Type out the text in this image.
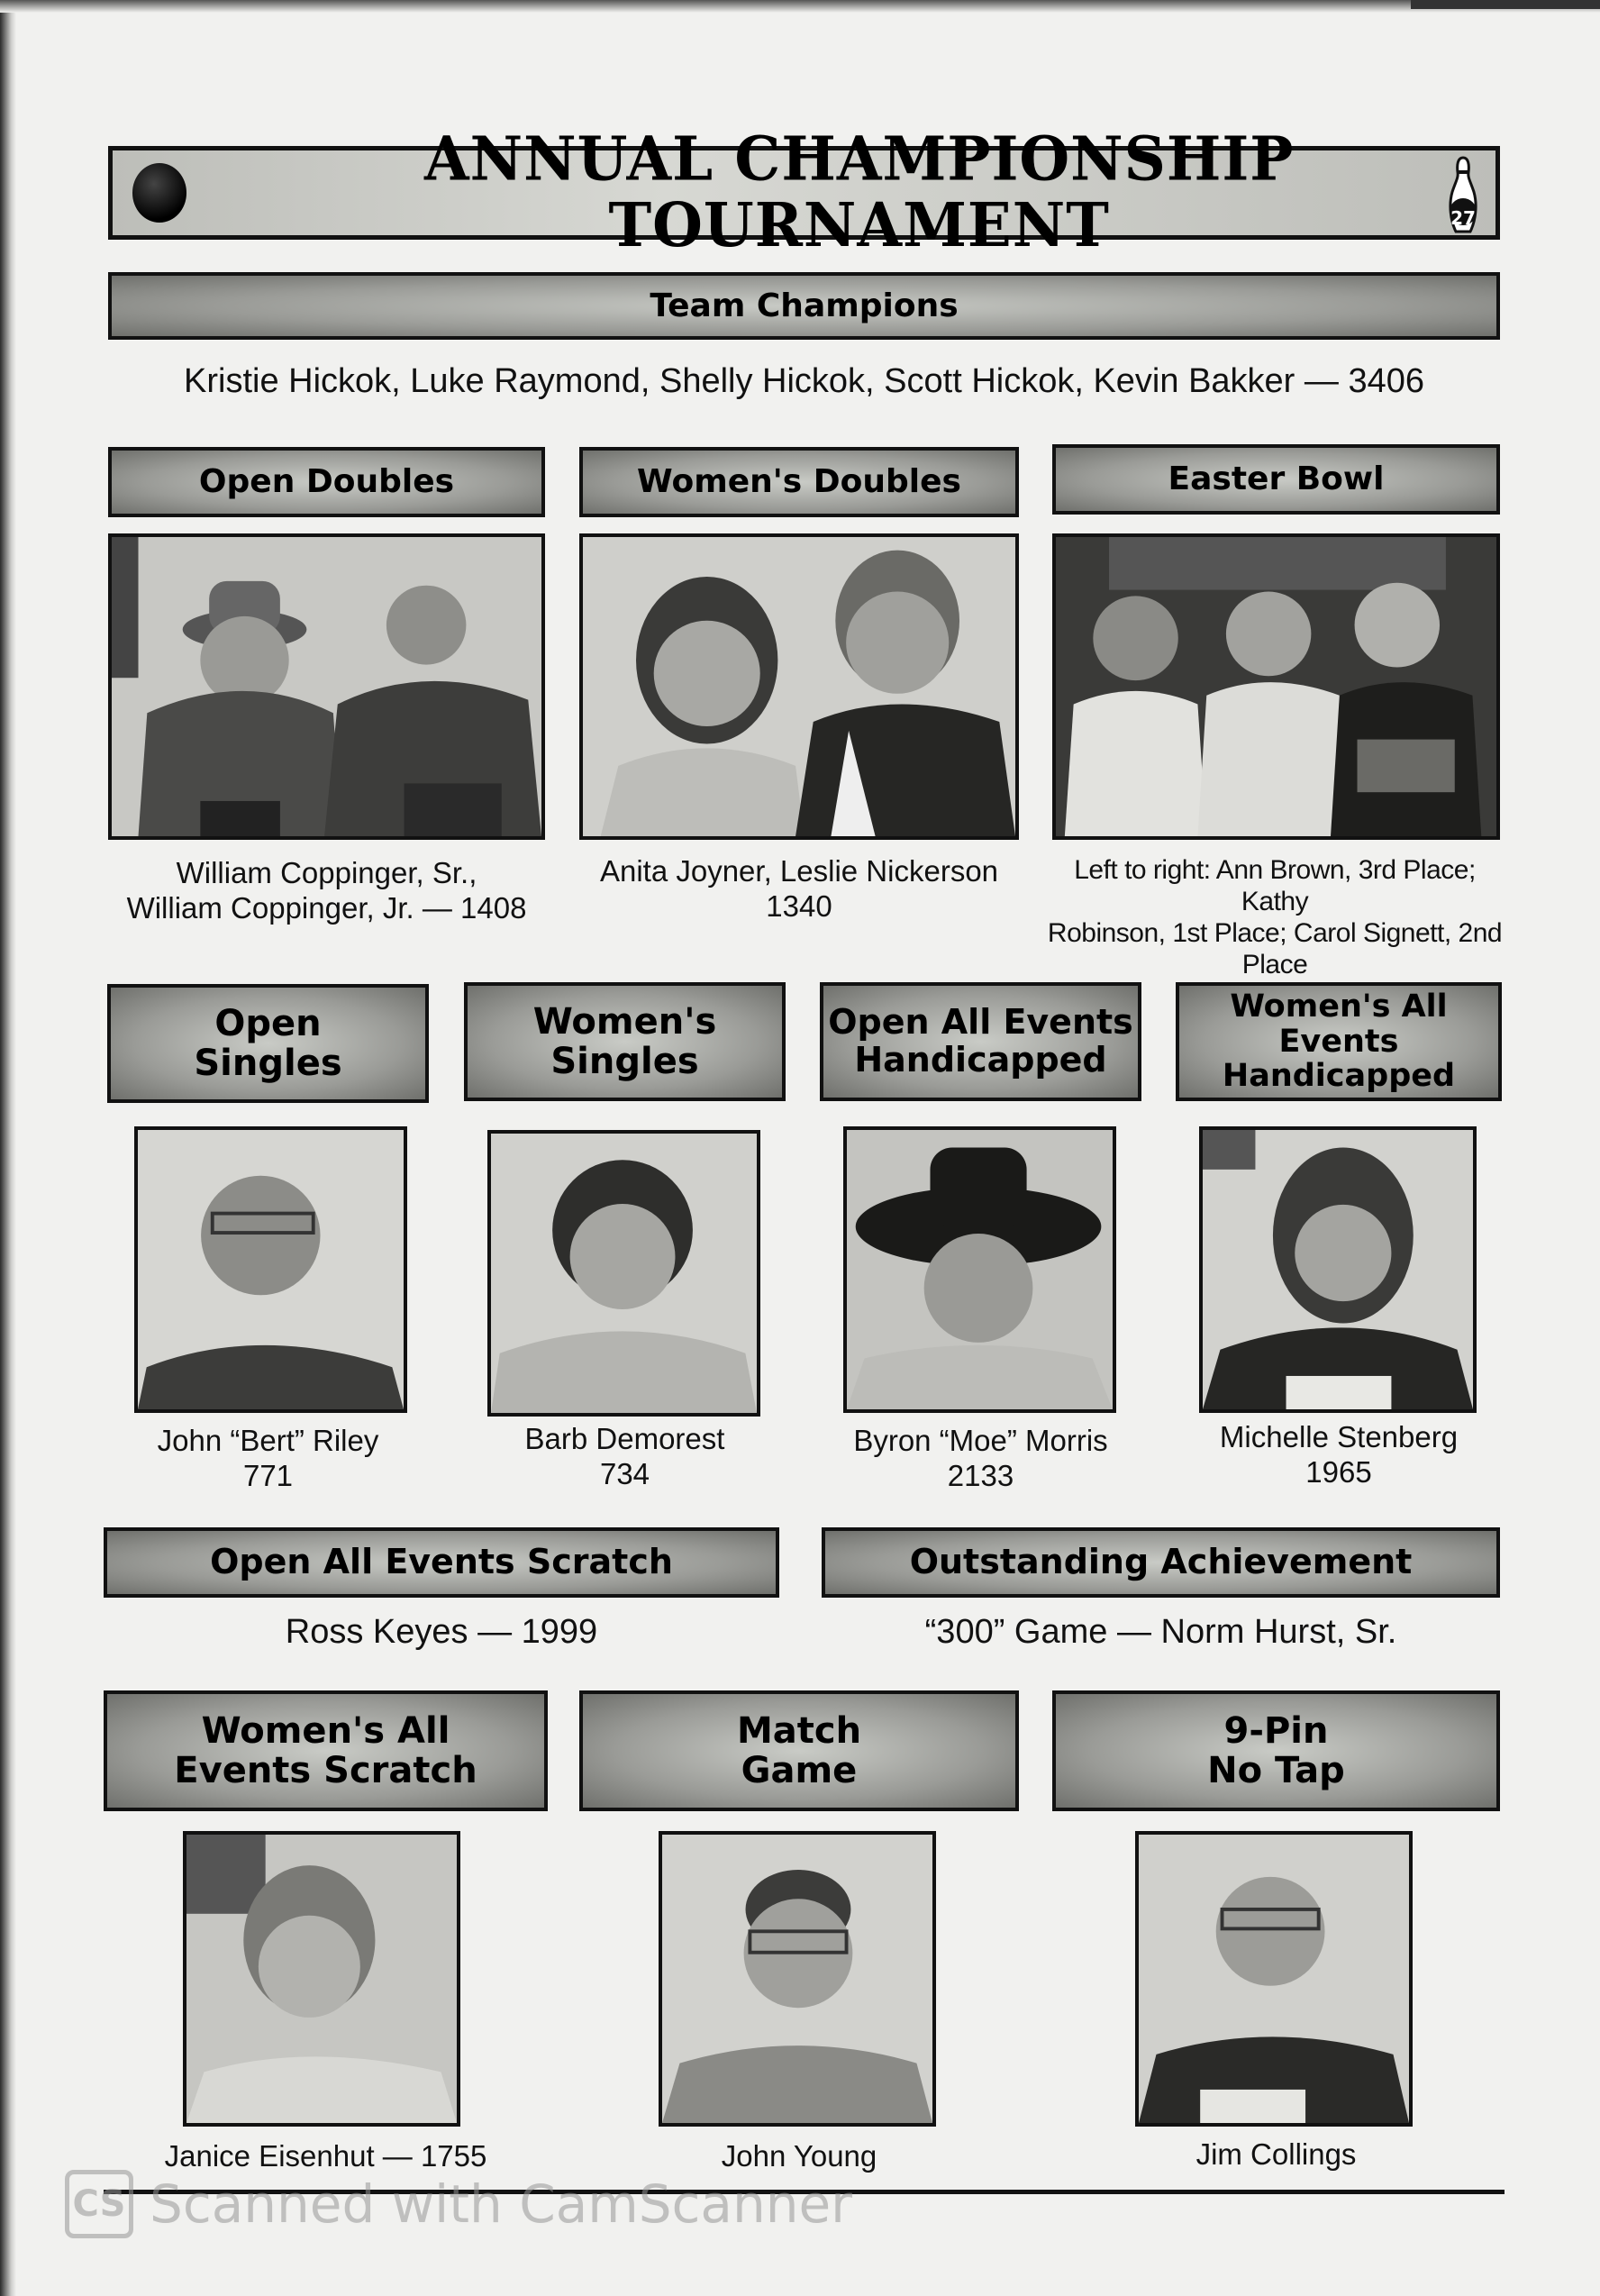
ANNUAL CHAMPIONSHIP TOURNAMENT	27
Team Champions
Kristie Hickok, Luke Raymond, Shelly Hickok, Scott Hickok, Kevin Bakker — 3406
Open Doubles	Women's Doubles	Easter Bowl
William Coppinger, Sr.,
William Coppinger, Jr. — 1408
Anita Joyner, Leslie Nickerson
1340
Left to right: Ann Brown, 3rd Place; Kathy
Robinson, 1st Place; Carol Signett, 2nd Place
Open
Singles
Women's
Singles
Open All Events
Handicapped
Women's All Events
Handicapped
John “Bert” Riley
771
Barb Demorest
734
Byron “Moe” Morris
2133
Michelle Stenberg
1965
Open All Events Scratch	Outstanding Achievement
Ross Keyes — 1999	“300” Game — Norm Hurst, Sr.
Women's All
Events Scratch
Match
Game
9-Pin
No Tap
Janice Eisenhut — 1755	John Young	Jim Collings
CS Scanned with CamScanner
